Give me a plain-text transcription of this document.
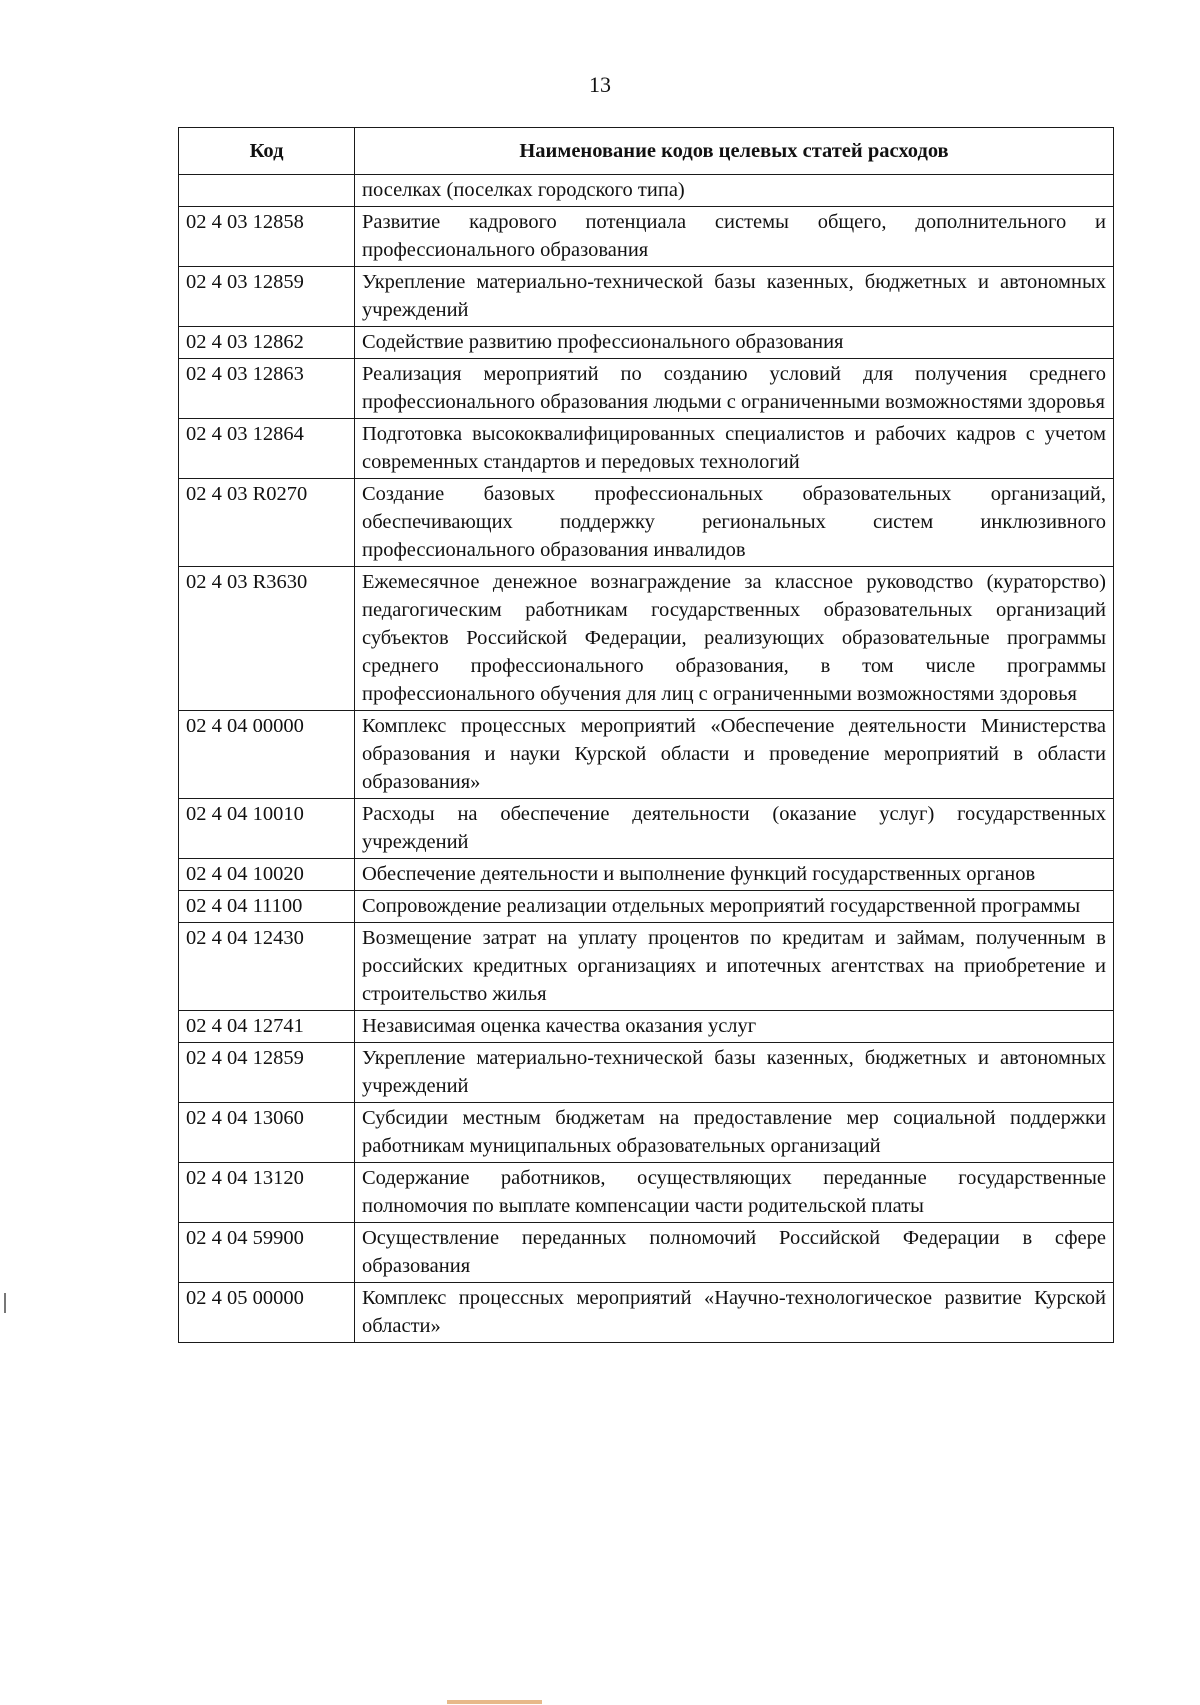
13
Код	Наименование кодов целевых статей расходов
	поселках (поселках городского типа)
02 4 03 12858	Развитие кадрового потенциала системы общего, дополнительного и профессионального образования
02 4 03 12859	Укрепление материально-технической базы казенных, бюджетных и автономных учреждений
02 4 03 12862	Содействие развитию профессионального образования
02 4 03 12863	Реализация мероприятий по созданию условий для получения среднего профессионального образования людьми с ограниченными возможностями здоровья
02 4 03 12864	Подготовка высококвалифицированных специалистов и рабочих кадров с учетом современных стандартов и передовых технологий
02 4 03 R0270	Создание базовых профессиональных образовательных организаций, обеспечивающих поддержку региональных систем инклюзивного профессионального образования инвалидов
02 4 03 R3630	Ежемесячное денежное вознаграждение за классное руководство (кураторство) педагогическим работникам государственных образовательных организаций субъектов Российской Федерации, реализующих образовательные программы среднего профессионального образования, в том числе программы профессионального обучения для лиц с ограниченными возможностями здоровья
02 4 04 00000	Комплекс процессных мероприятий «Обеспечение деятельности Министерства образования и науки Курской области и проведение мероприятий в области образования»
02 4 04 10010	Расходы на обеспечение деятельности (оказание услуг) государственных учреждений
02 4 04 10020	Обеспечение деятельности и выполнение функций государственных органов
02 4 04 11100	Сопровождение реализации отдельных мероприятий государственной программы
02 4 04 12430	Возмещение затрат на уплату процентов по кредитам и займам, полученным в российских кредитных организациях и ипотечных агентствах на приобретение и строительство жилья
02 4 04 12741	Независимая оценка качества оказания услуг
02 4 04 12859	Укрепление материально-технической базы казенных, бюджетных и автономных учреждений
02 4 04 13060	Субсидии местным бюджетам на предоставление мер социальной поддержки работникам муниципальных образовательных организаций
02 4 04 13120	Содержание работников, осуществляющих переданные государственные полномочия по выплате компенсации части родительской платы
02 4 04 59900	Осуществление переданных полномочий Российской Федерации в сфере образования
02 4 05 00000	Комплекс процессных мероприятий «Научно-технологическое развитие Курской области»
